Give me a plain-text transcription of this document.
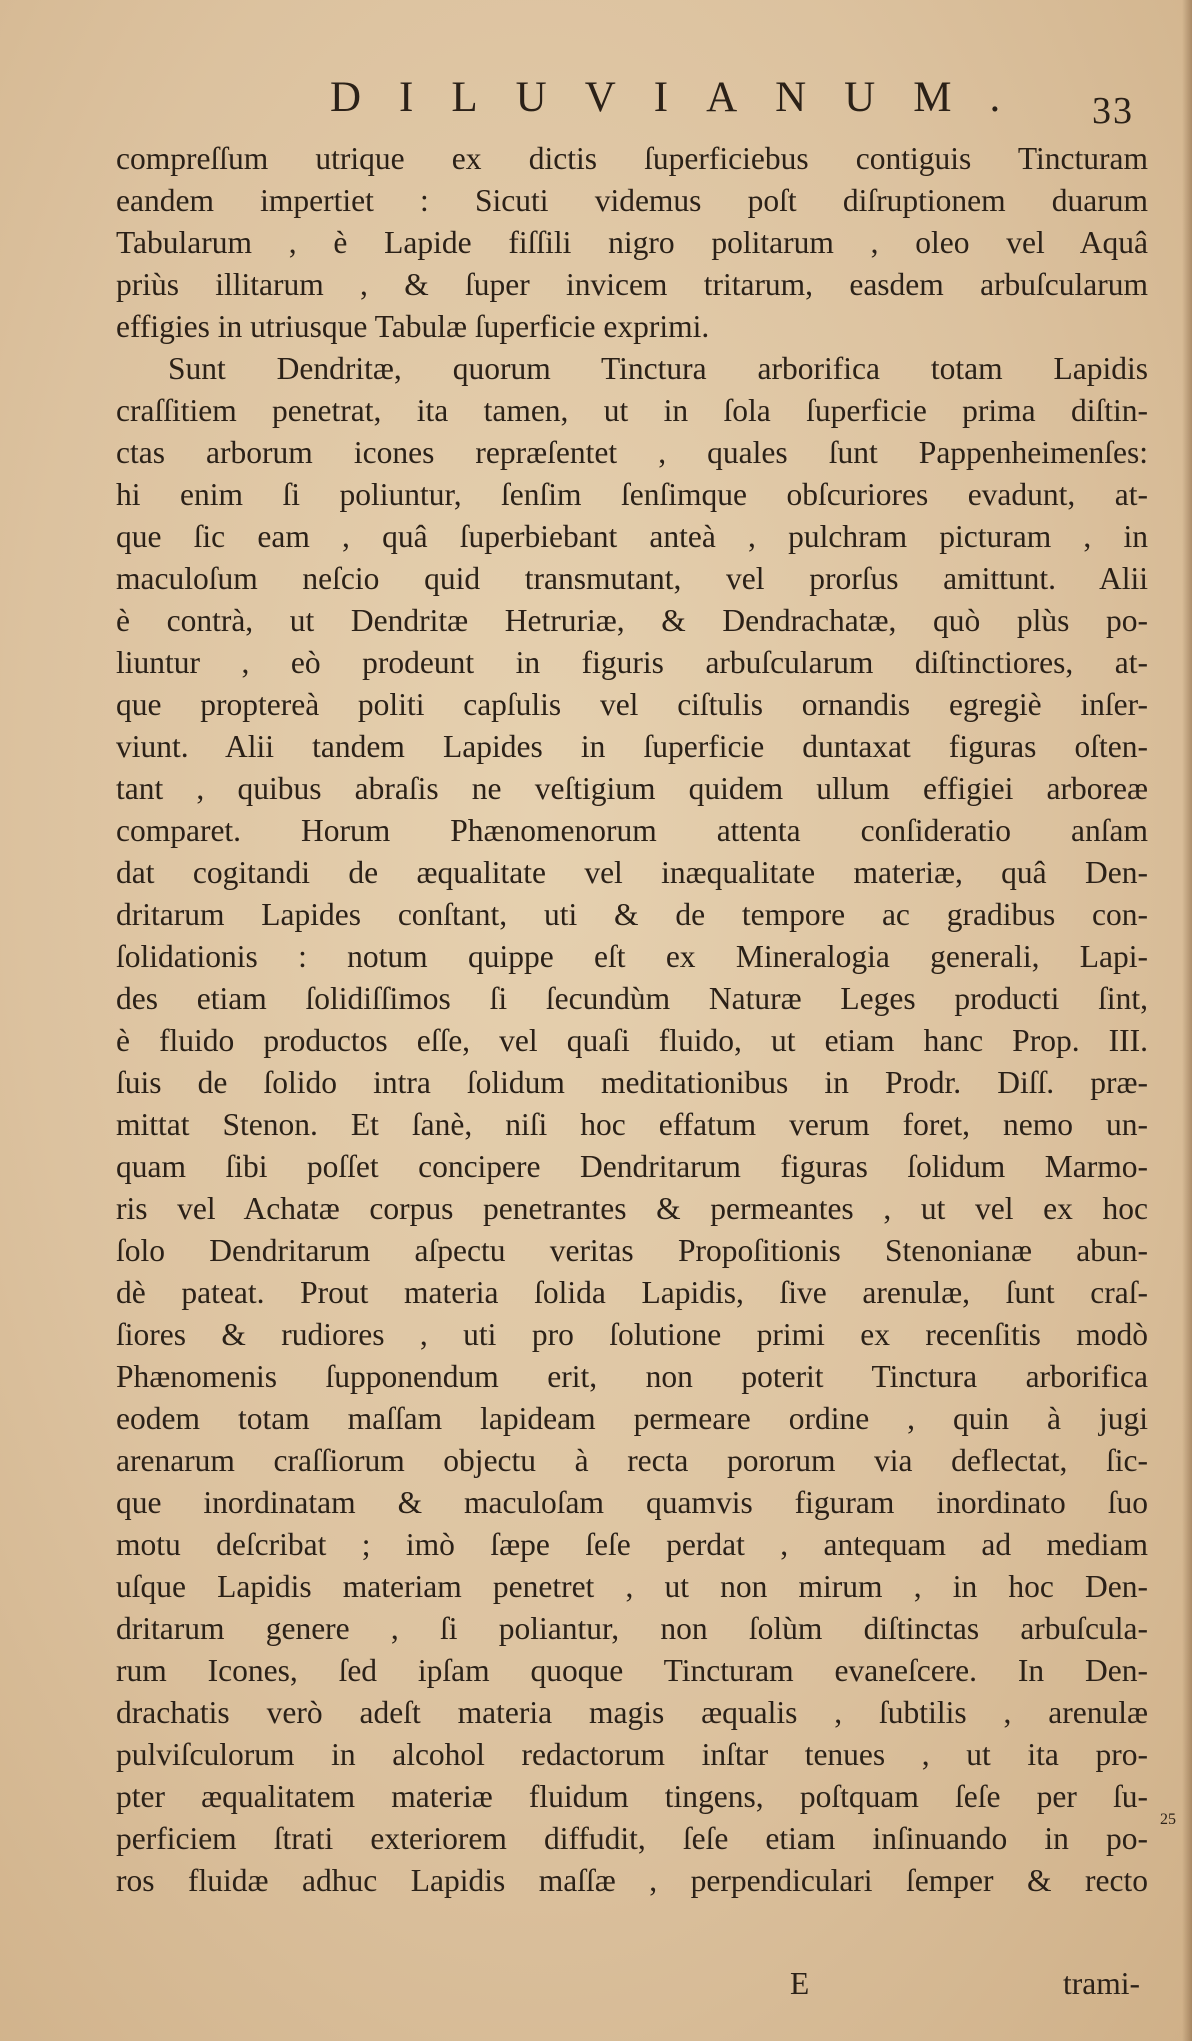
DILUVIANUM. 33
compreſſum utrique ex dictis ſuperficiebus contiguis Tincturam
eandem impertiet : Sicuti videmus poſt diſruptionem duarum
Tabularum , è Lapide fiſſili nigro politarum , oleo vel Aquâ
priùs illitarum , & ſuper invicem tritarum, easdem arbuſcularum
effigies in utriusque Tabulæ ſuperficie exprimi.
Sunt Dendritæ, quorum Tinctura arborifica totam Lapidis
craſſitiem penetrat, ita tamen, ut in ſola ſuperficie prima diſtin-
ctas arborum icones repræſentet , quales ſunt Pappenheimenſes:
hi enim ſi poliuntur, ſenſim ſenſimque obſcuriores evadunt, at-
que ſic eam , quâ ſuperbiebant anteà , pulchram picturam , in
maculoſum neſcio quid transmutant, vel prorſus amittunt. Alii
è contrà, ut Dendritæ Hetruriæ, & Dendrachatæ, quò plùs po-
liuntur , eò prodeunt in figuris arbuſcularum diſtinctiores, at-
que proptereà politi capſulis vel ciſtulis ornandis egregiè inſer-
viunt. Alii tandem Lapides in ſuperficie duntaxat figuras oſten-
tant , quibus abraſis ne veſtigium quidem ullum effigiei arboreæ
comparet. Horum Phænomenorum attenta conſideratio anſam
dat cogitandi de æqualitate vel inæqualitate materiæ, quâ Den-
dritarum Lapides conſtant, uti & de tempore ac gradibus con-
ſolidationis : notum quippe eſt ex Mineralogia generali, Lapi-
des etiam ſolidiſſimos ſi ſecundùm Naturæ Leges producti ſint,
è fluido productos eſſe, vel quaſi fluido, ut etiam hanc Prop. III.
ſuis de ſolido intra ſolidum meditationibus in Prodr. Diſſ. præ-
mittat Stenon. Et ſanè, niſi hoc effatum verum foret, nemo un-
quam ſibi poſſet concipere Dendritarum figuras ſolidum Marmo-
ris vel Achatæ corpus penetrantes & permeantes , ut vel ex hoc
ſolo Dendritarum aſpectu veritas Propoſitionis Stenonianæ abun-
dè pateat. Prout materia ſolida Lapidis, ſive arenulæ, ſunt craſ-
ſiores & rudiores , uti pro ſolutione primi ex recenſitis modò
Phænomenis ſupponendum erit, non poterit Tinctura arborifica
eodem totam maſſam lapideam permeare ordine , quin à jugi
arenarum craſſiorum objectu à recta pororum via deflectat, ſic-
que inordinatam & maculoſam quamvis figuram inordinato ſuo
motu deſcribat ; imò ſæpe ſeſe perdat , antequam ad mediam
uſque Lapidis materiam penetret , ut non mirum , in hoc Den-
dritarum genere , ſi poliantur, non ſolùm diſtinctas arbuſcula-
rum Icones, ſed ipſam quoque Tincturam evaneſcere. In Den-
drachatis verò adeſt materia magis æqualis , ſubtilis , arenulæ
pulviſculorum in alcohol redactorum inſtar tenues , ut ita pro-
pter æqualitatem materiæ fluidum tingens, poſtquam ſeſe per ſu-
perficiem ſtrati exteriorem diffudit, ſeſe etiam inſinuando in po-
ros fluidæ adhuc Lapidis maſſæ , perpendiculari ſemper & recto
25
E	trami-
